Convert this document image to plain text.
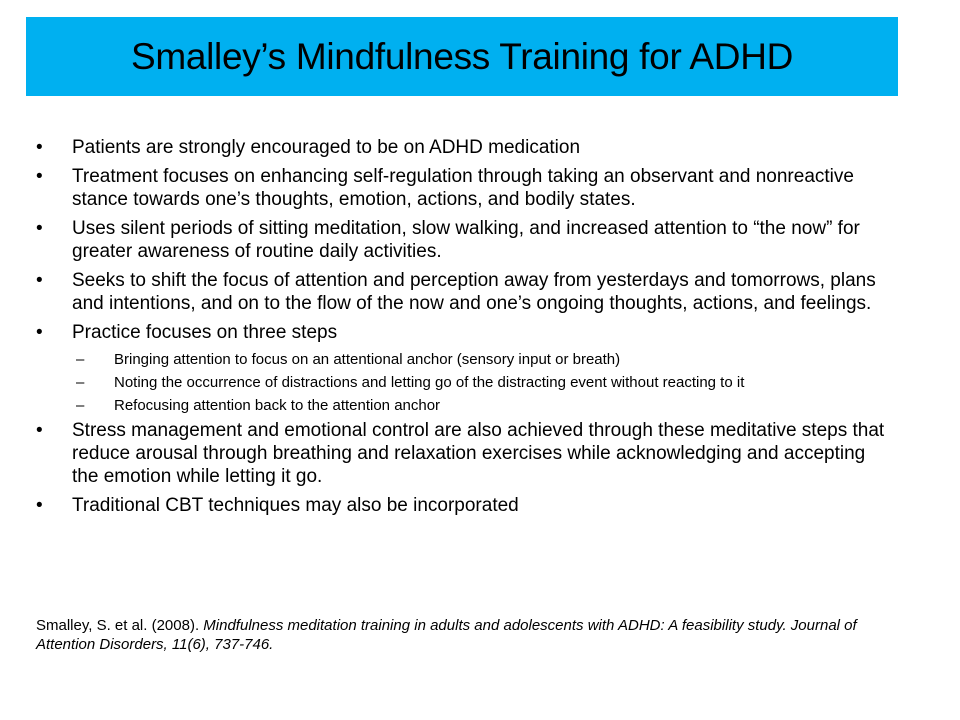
Smalley’s Mindfulness Training for ADHD
•	Patients are strongly encouraged to be on ADHD medication
•	Treatment focuses on enhancing self-regulation through taking an observant and nonreactive stance towards one’s thoughts, emotion, actions, and bodily states.
•	Uses silent periods of sitting meditation, slow walking, and increased attention to “the now” for greater awareness of routine daily activities.
•	Seeks to shift the focus of attention and perception away from yesterdays and tomorrows, plans and intentions, and on to the flow of the now and one’s ongoing thoughts, actions, and feelings.
•	Practice focuses on three steps
– Bringing attention to focus on an attentional anchor (sensory input or breath)
– Noting the occurrence of distractions and letting go of the distracting event without reacting to it
– Refocusing attention back to the attention anchor
•	Stress management and emotional control are also achieved through these meditative steps that reduce arousal through breathing and relaxation exercises while acknowledging and accepting the emotion while letting it go.
•	Traditional CBT techniques may also be incorporated
Smalley, S. et al. (2008). Mindfulness meditation training in adults and adolescents with ADHD: A feasibility study. Journal of Attention Disorders, 11(6), 737-746.
